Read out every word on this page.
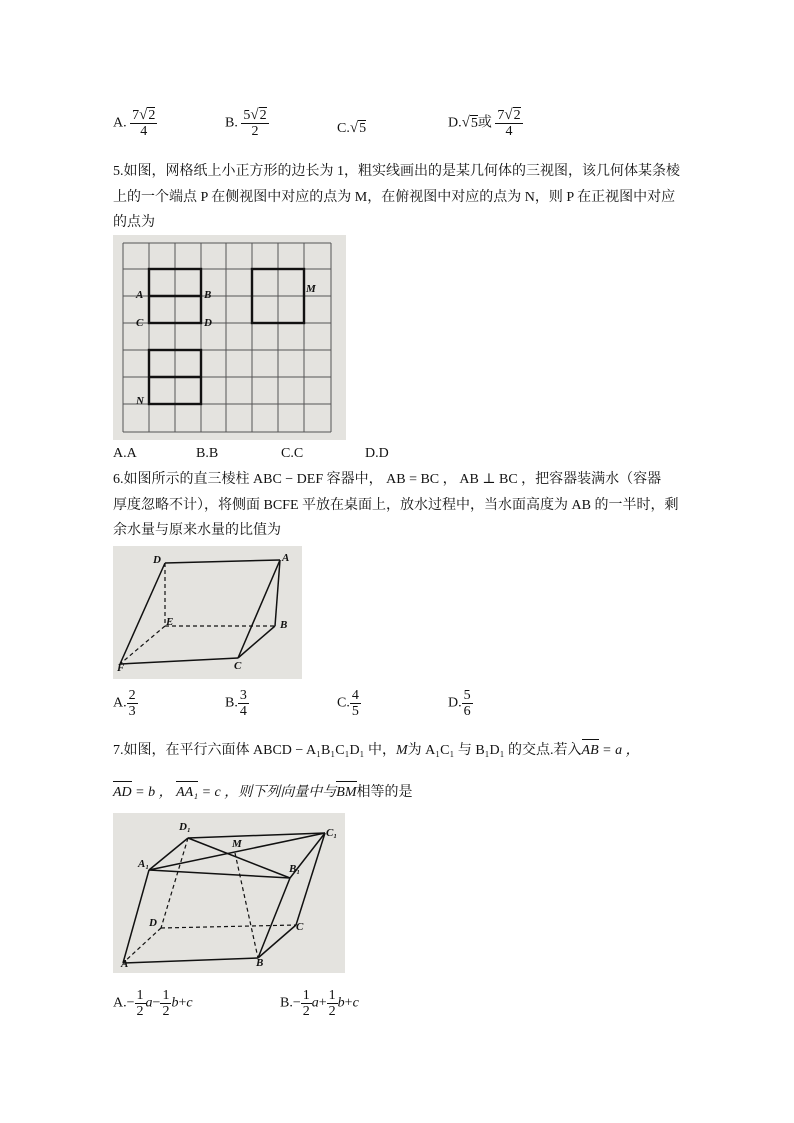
A. $\frac{7√2}{4}$	B. $\frac{5√2}{2}$	C.√5	D.√5或 $\frac{7√2}{4}$
5.如图，网格纸上小正方形的边长为 1，粗实线画出的是某几何体的三视图，该几何体某条棱
上的一个端点 P 在侧视图中对应的点为 M，在俯视图中对应的点为 N，则 P 在正视图中对应
的点为
A	B
C	D
M
N
A.A	B.B	C.C	D.D
6.如图所示的直三棱柱 ABC − DEF 容器中， AB = BC ， AB ⊥ BC ，把容器装满水（容器
厚度忽略不计），将侧面 BCFE 平放在桌面上，放水过程中，当水面高度为 AB 的一半时，剩
余水量与原来水量的比值为
D	A
E	B
F	C
A. $\frac{2}{3}$	B. $\frac{3}{4}$	C. $\frac{4}{5}$	D. $\frac{5}{6}$
7.如图，在平行六面体 ABCD − A₁B₁C₁D₁ 中，M为 A₁C₁ 与 B₁D₁ 的交点.若入AB = a ，
AD = b ， AA₁ = c ，则下列向量中与BM相等的是
D₁	C₁
A₁	B₁
M
D	C
A	B
$A.- \frac{1}{2} a- \frac{1}{2} b+c$	$B.- \frac{1}{2} a+ \frac{1}{2} b+c$
